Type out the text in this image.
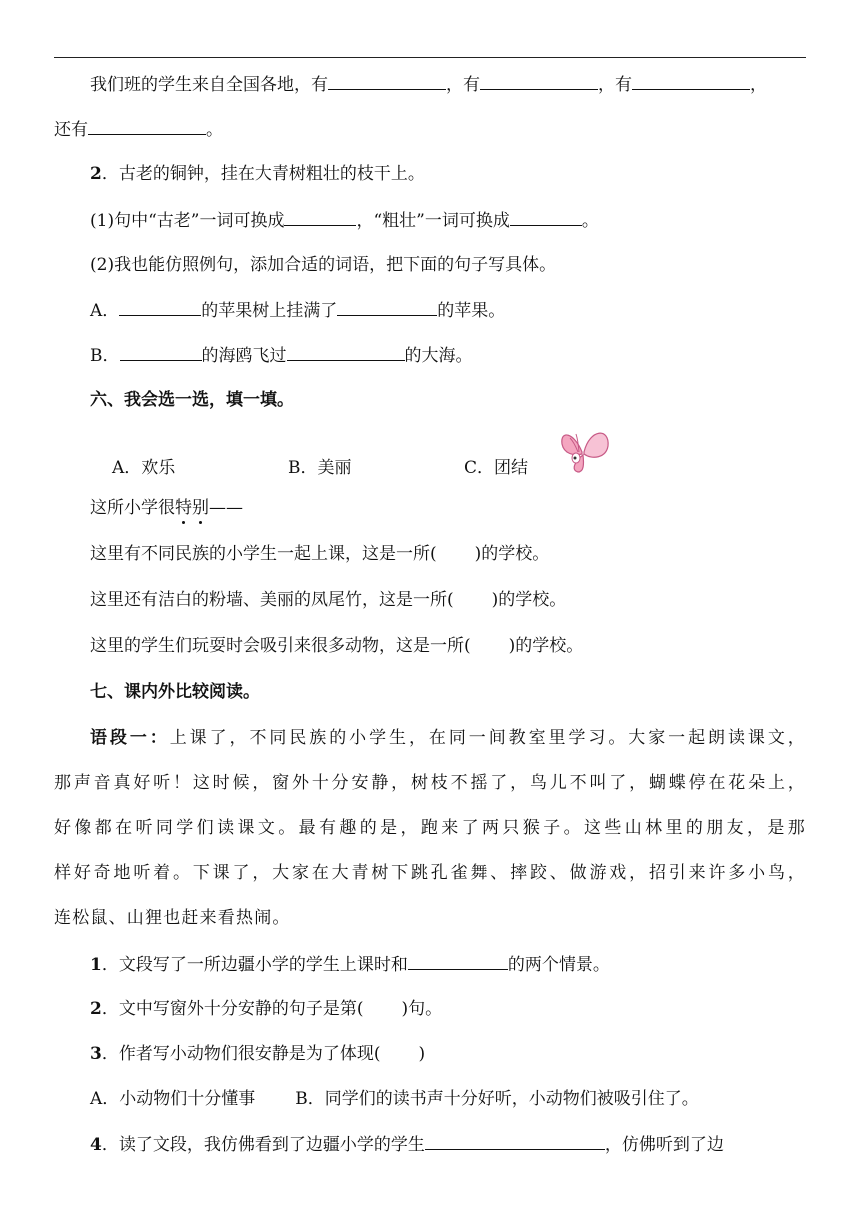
我们班的学生来自全国各地，有	，有	，有	，
还有	。
2．古老的铜钟，挂在大青树粗壮的枝干上。
(1)句中“古老”一词可换成	，“粗壮”一词可换成	。
(2)我也能仿照例句，添加合适的词语，把下面的句子写具体。
A．	的苹果树上挂满了	的苹果。
B．	的海鸥飞过	的大海。
六、我会选一选，填一填。
A．欢乐	B．美丽	C．团结
这所小学很特别——
这里有不同民族的小学生一起上课，这是一所( )的学校。
这里还有洁白的粉墙、美丽的凤尾竹，这是一所( )的学校。
这里的学生们玩耍时会吸引来很多动物，这是一所( )的学校。
七、课内外比较阅读。
语段一：上课了，不同民族的小学生，在同一间教室里学习。大家一起朗读课文，
那声音真好听！这时候，窗外十分安静，树枝不摇了，鸟儿不叫了，蝴蝶停在花朵上，
好像都在听同学们读课文。最有趣的是，跑来了两只猴子。这些山林里的朋友，是那
样好奇地听着。下课了，大家在大青树下跳孔雀舞、摔跤、做游戏，招引来许多小鸟，
连松鼠、山狸也赶来看热闹。
1．文段写了一所边疆小学的学生上课时和	的两个情景。
2．文中写窗外十分安静的句子是第( )句。
3．作者写小动物们很安静是为了体现( )
A．小动物们十分懂事 B．同学们的读书声十分好听，小动物们被吸引住了。
4．读了文段，我仿佛看到了边疆小学的学生	，仿佛听到了边
